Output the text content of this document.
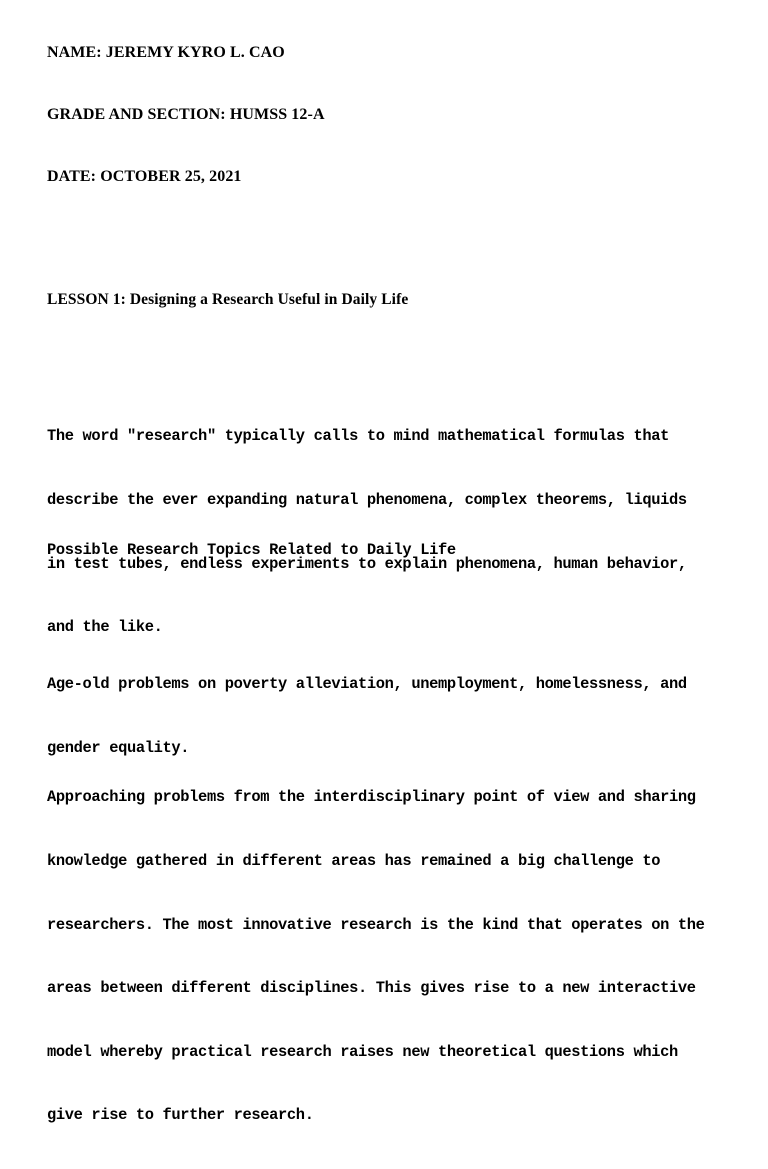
NAME: JEREMY KYRO L. CAO
GRADE AND SECTION: HUMSS 12-A
DATE: OCTOBER 25, 2021
LESSON 1: Designing a Research Useful in Daily Life

The word "research" typically calls to mind mathematical formulas that

describe the ever expanding natural phenomena, complex theorems, liquids

in test tubes, endless experiments to explain phenomena, human behavior,

and the like.

Possible Research Topics Related to Daily Life

Age-old problems on poverty alleviation, unemployment, homelessness, and

gender equality.

Approaching problems from the interdisciplinary point of view and sharing

knowledge gathered in different areas has remained a big challenge to

researchers. The most innovative research is the kind that operates on the

areas between different disciplines. This gives rise to a new interactive

model whereby practical research raises new theoretical questions which

give rise to further research.
